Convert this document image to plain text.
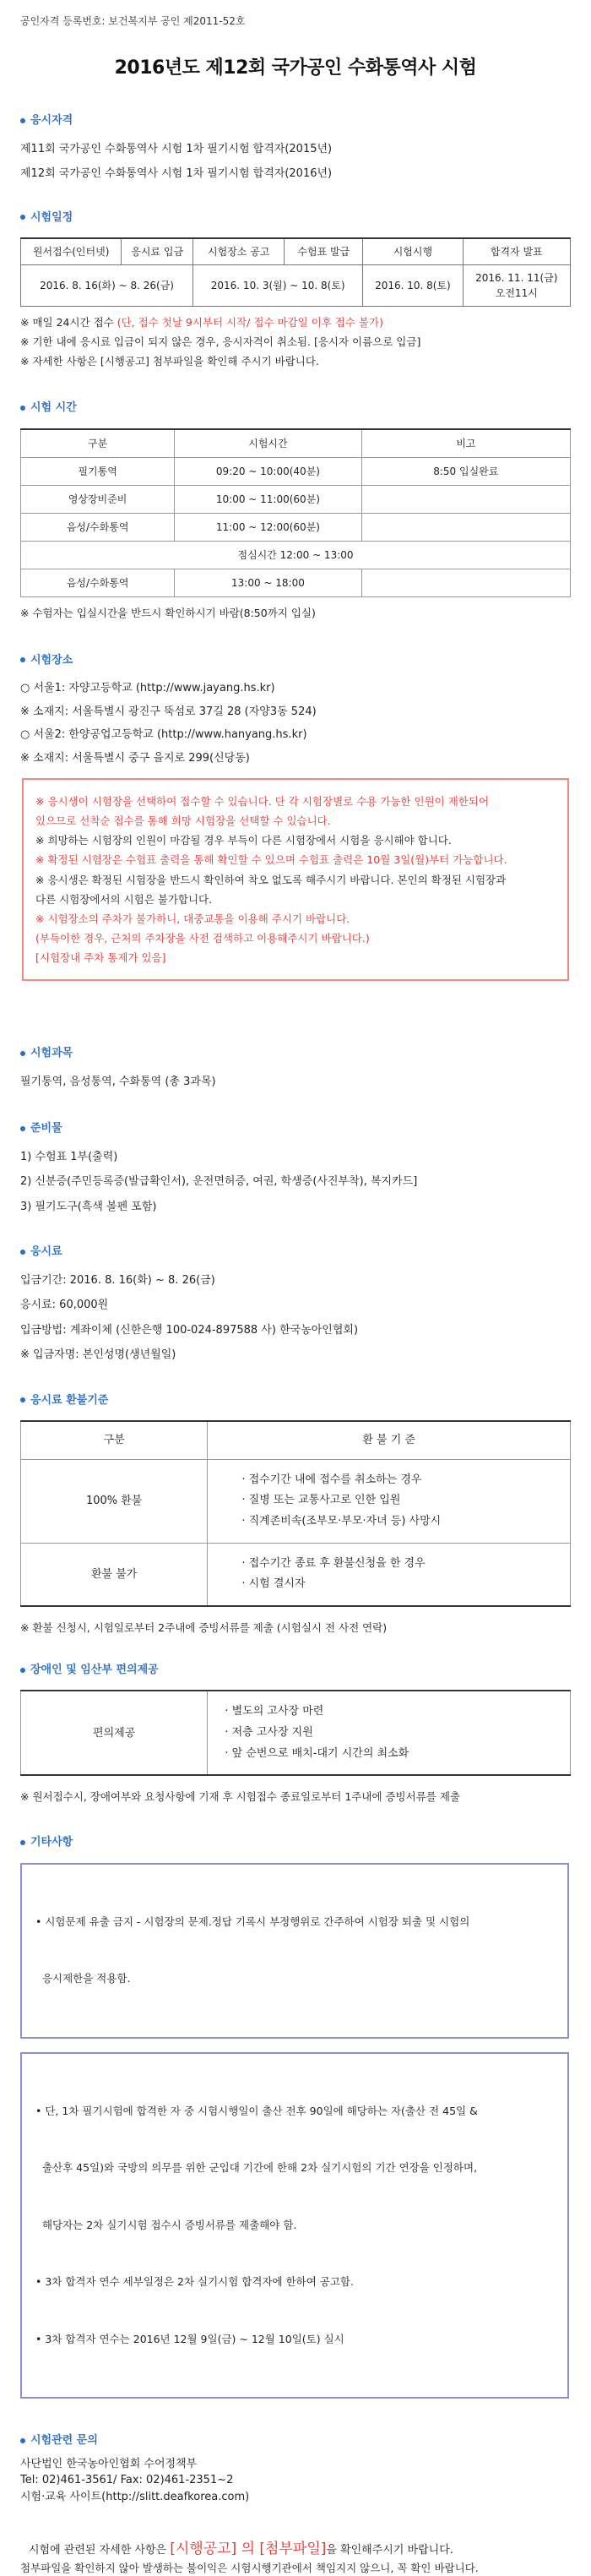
공인자격 등록번호: 보건복지부 공인 제2011-52호
2016년도 제12회 국가공인 수화통역사 시험
응시자격
제11회 국가공인 수화통역사 시험 1차 필기시험 합격자(2015년)
제12회 국가공인 수화통역사 시험 1차 필기시험 합격자(2016년)
시험일정
원서접수(인터넷)	응시료 입금	시험장소 공고	수험표 발급	시험시행	합격자 발표
2016. 8. 16(화) ~ 8. 26(금)		2016. 10. 3(월) ~ 10. 8(토)		2016. 10. 8(토)	2016. 11. 11(금)
오전11시
※ 매일 24시간 접수 (단, 접수 첫날 9시부터 시작/ 접수 마감일 이후 접수 불가)
※ 기한 내에 응시료 입금이 되지 않은 경우, 응시자격이 취소됨. [응시자 이름으로 입금]
※ 자세한 사항은 [시행공고] 첨부파일을 확인해 주시기 바랍니다.
시험 시간
구분	시험시간	비고
필기통역	09:20 ~ 10:00(40분)	8:50 입실완료
영상장비준비	10:00 ~ 11:00(60분)	
음성/수화통역	11:00 ~ 12:00(60분)	
점심시간 12:00 ~ 13:00		
음성/수화통역	13:00 ~ 18:00	
※ 수험자는 입실시간을 반드시 확인하시기 바람(8:50까지 입실)
시험장소
○ 서울1: 자양고등학교 (http://www.jayang.hs.kr)
※ 소재지: 서울특별시 광진구 뚝섬로 37길 28 (자양3동 524)
○ 서울2: 한양공업고등학교 (http://www.hanyang.hs.kr)
※ 소재지: 서울특별시 중구 을지로 299(신당동)
※ 응시생이 시험장을 선택하여 접수할 수 있습니다. 단 각 시험장별로 수용 가능한 인원이 제한되어
있으므로 선착순 접수를 통해 희망 시험장을 선택할 수 있습니다.
※ 희망하는 시험장의 인원이 마감될 경우 부득이 다른 시험장에서 시험을 응시해야 합니다.
※ 확정된 시험장은 수험표 출력을 통해 확인할 수 있으며 수험표 출력은 10월 3일(월)부터 가능합니다.
※ 응시생은 확정된 시험장을 반드시 확인하여 착오 없도록 해주시기 바랍니다. 본인의 확정된 시험장과
다른 시험장에서의 시험은 불가합니다.
※ 시험장소의 주차가 불가하니, 대중교통을 이용해 주시기 바랍니다.
(부득이한 경우, 근처의 주차장을 사전 검색하고 이용해주시기 바랍니다.)
[시험장내 주차 통제가 있음]
시험과목
필기통역, 음성통역, 수화통역 (총 3과목)
준비물
1) 수험표 1부(출력)
2) 신분증(주민등록증(발급확인서), 운전면허증, 여권, 학생증(사진부착), 복지카드]
3) 필기도구(흑색 볼펜 포함)
응시료
입금기간: 2016. 8. 16(화) ~ 8. 26(금)
응시료: 60,000원
입금방법: 계좌이체 (신한은행 100-024-897588 사) 한국농아인협회)
※ 입금자명: 본인성명(생년월일)
응시료 환불기준
구분	환 불 기 준
100% 환불	· 접수기간 내에 접수를 취소하는 경우
· 질병 또는 교통사고로 인한 입원
· 직계존비속(조부모·부모·자녀 등) 사망시

환불 불가	· 접수기간 종료 후 환불신청을 한 경우
· 시험 결시자
※ 환불 신청시, 시험일로부터 2주내에 증빙서류를 제출 (시험실시 전 사전 연락)
장애인 및 임산부 편의제공
편의제공	
· 별도의 고사장 마련
· 저층 고사장 지원
· 앞 순번으로 배치-대기 시간의 최소화
※ 원서접수시, 장애여부와 요청사항에 기재 후 시험접수 종료일로부터 1주내에 증빙서류를 제출
기타사항

• 시험문제 유출 금지 - 시험장의 문제.정답 기록시 부정행위로 간주하여 시험장 퇴출 및 시험의

응시제한을 적용함.

• 단, 1차 필기시험에 합격한 자 중 시험시행일이 출산 전후 90일에 해당하는 자(출산 전 45일 &

출산후 45일)와 국방의 의무를 위한 군입대 기간에 한해 2차 실기시험의 기간 연장을 인정하며,

해당자는 2차 실기시험 접수시 증빙서류를 제출해야 함.

• 3차 합격자 연수 세부일정은 2차 실기시험 합격자에 한하여 공고함.

• 3차 합격자 연수는 2016년 12월 9일(금) ~ 12월 10일(토) 실시

시험관련 문의
사단법인 한국농아인협회 수어정책부
Tel: 02)461-3561/ Fax: 02)461-2351~2
시험·교육 사이트(http://slitt.deafkorea.com)
시험에 관련된 자세한 사항은 [시행공고] 의 [첨부파일]을 확인해주시기 바랍니다.
첨부파일을 확인하지 않아 발생하는 불이익은 시험시행기관에서 책임지지 않으니, 꼭 확인 바랍니다.
